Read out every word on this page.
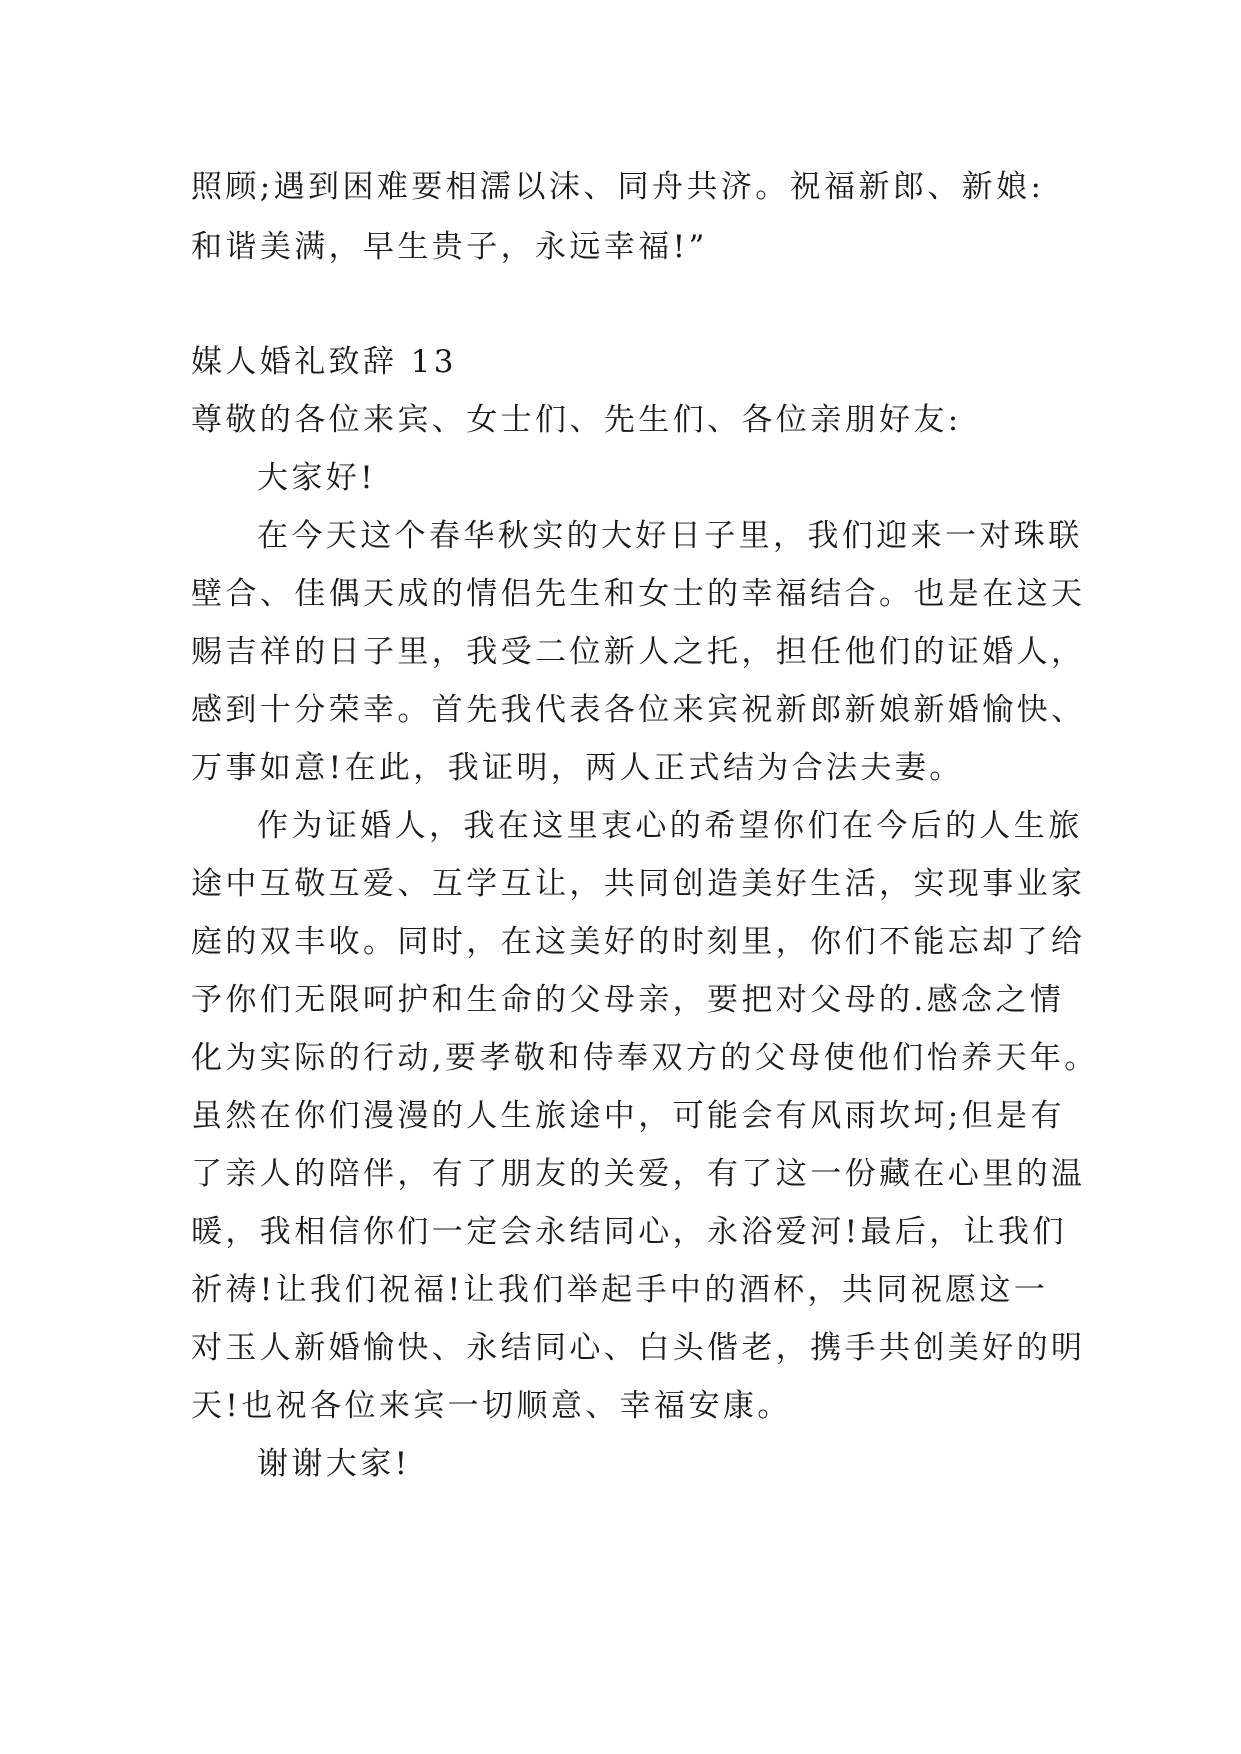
照顾;遇到困难要相濡以沫、同舟共济。祝福新郎、新娘:
和谐美满，早生贵子，永远幸福!”
媒人婚礼致辞 13
尊敬的各位来宾、女士们、先生们、各位亲朋好友:
大家好!
在今天这个春华秋实的大好日子里，我们迎来一对珠联
壁合、佳偶天成的情侣先生和女士的幸福结合。也是在这天
赐吉祥的日子里，我受二位新人之托，担任他们的证婚人，
感到十分荣幸。首先我代表各位来宾祝新郎新娘新婚愉快、
万事如意!在此，我证明，两人正式结为合法夫妻。
作为证婚人，我在这里衷心的希望你们在今后的人生旅
途中互敬互爱、互学互让，共同创造美好生活，实现事业家
庭的双丰收。同时，在这美好的时刻里，你们不能忘却了给
予你们无限呵护和生命的父母亲，要把对父母的.感念之情
化为实际的行动,要孝敬和侍奉双方的父母使他们怡养天年。
虽然在你们漫漫的人生旅途中，可能会有风雨坎坷;但是有
了亲人的陪伴，有了朋友的关爱，有了这一份藏在心里的温
暖，我相信你们一定会永结同心，永浴爱河!最后，让我们
祈祷!让我们祝福!让我们举起手中的酒杯，共同祝愿这一
对玉人新婚愉快、永结同心、白头偕老，携手共创美好的明
天!也祝各位来宾一切顺意、幸福安康。
谢谢大家!
